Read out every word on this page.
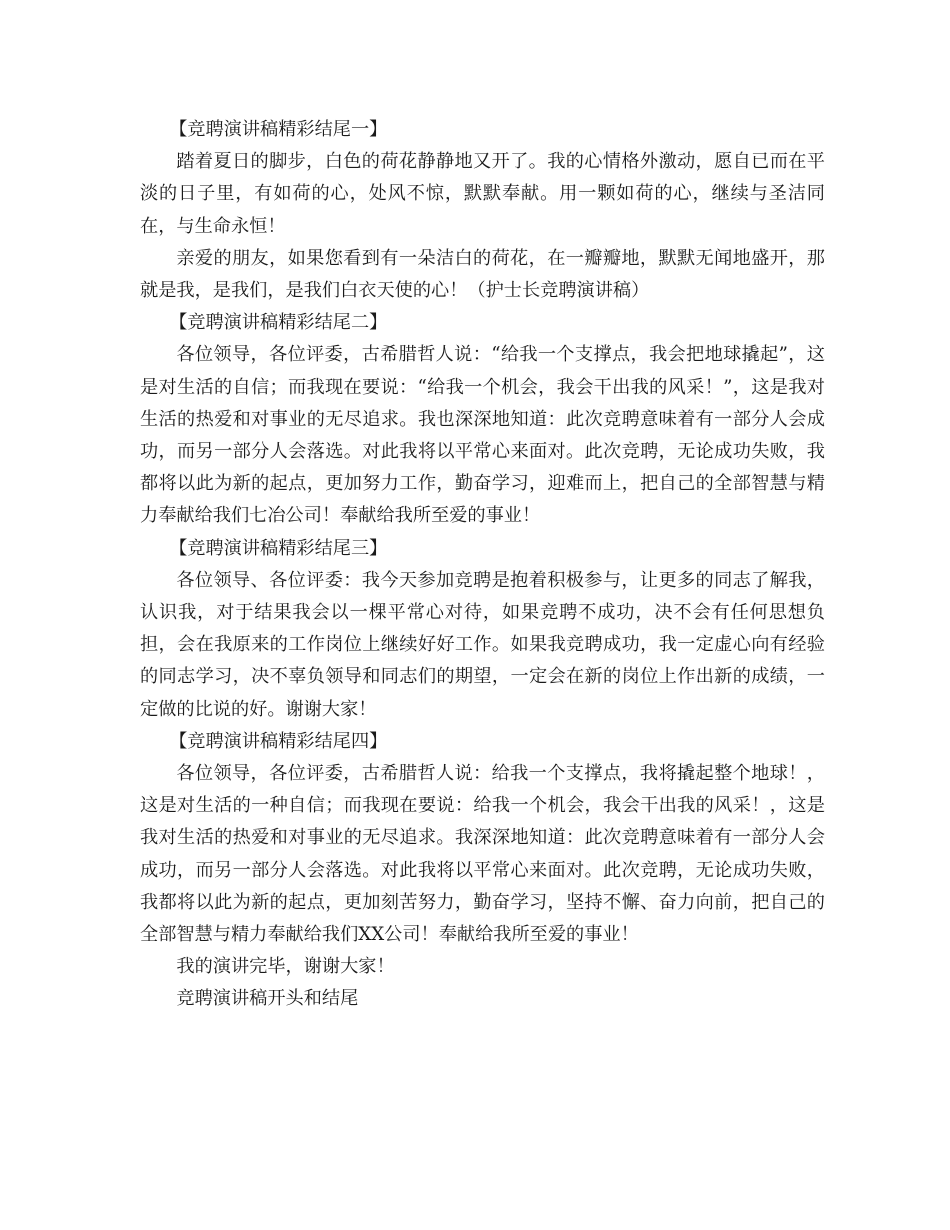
【竞聘演讲稿精彩结尾一】

踏着夏日的脚步，白色的荷花静静地又开了。我的心情格外激动，愿自已而在平淡的日子里，有如荷的心，处风不惊，默默奉献。用一颗如荷的心，继续与圣洁同在，与生命永恒！

亲爱的朋友，如果您看到有一朵洁白的荷花，在一瓣瓣地，默默无闻地盛开，那就是我，是我们，是我们白衣天使的心！（护士长竞聘演讲稿）

【竞聘演讲稿精彩结尾二】

各位领导，各位评委，古希腊哲人说：“给我一个支撑点，我会把地球撬起”，这是对生活的自信；而我现在要说：“给我一个机会，我会干出我的风采！”，这是我对生活的热爱和对事业的无尽追求。我也深深地知道：此次竞聘意味着有一部分人会成功，而另一部分人会落选。对此我将以平常心来面对。此次竞聘，无论成功失败，我都将以此为新的起点，更加努力工作，勤奋学习，迎难而上，把自己的全部智慧与精力奉献给我们七冶公司！奉献给我所至爱的事业！

【竞聘演讲稿精彩结尾三】

各位领导、各位评委：我今天参加竞聘是抱着积极参与，让更多的同志了解我，认识我，对于结果我会以一棵平常心对待，如果竞聘不成功，决不会有任何思想负担，会在我原来的工作岗位上继续好好工作。如果我竞聘成功，我一定虚心向有经验的同志学习，决不辜负领导和同志们的期望，一定会在新的岗位上作出新的成绩，一定做的比说的好。谢谢大家！

【竞聘演讲稿精彩结尾四】

各位领导，各位评委，古希腊哲人说：给我一个支撑点，我将撬起整个地球！，这是对生活的一种自信；而我现在要说：给我一个机会，我会干出我的风采！，这是我对生活的热爱和对事业的无尽追求。我深深地知道：此次竞聘意味着有一部分人会成功，而另一部分人会落选。对此我将以平常心来面对。此次竞聘，无论成功失败，我都将以此为新的起点，更加刻苦努力，勤奋学习，坚持不懈、奋力向前，把自己的全部智慧与精力奉献给我们XX公司！奉献给我所至爱的事业！

我的演讲完毕，谢谢大家！

竞聘演讲稿开头和结尾
